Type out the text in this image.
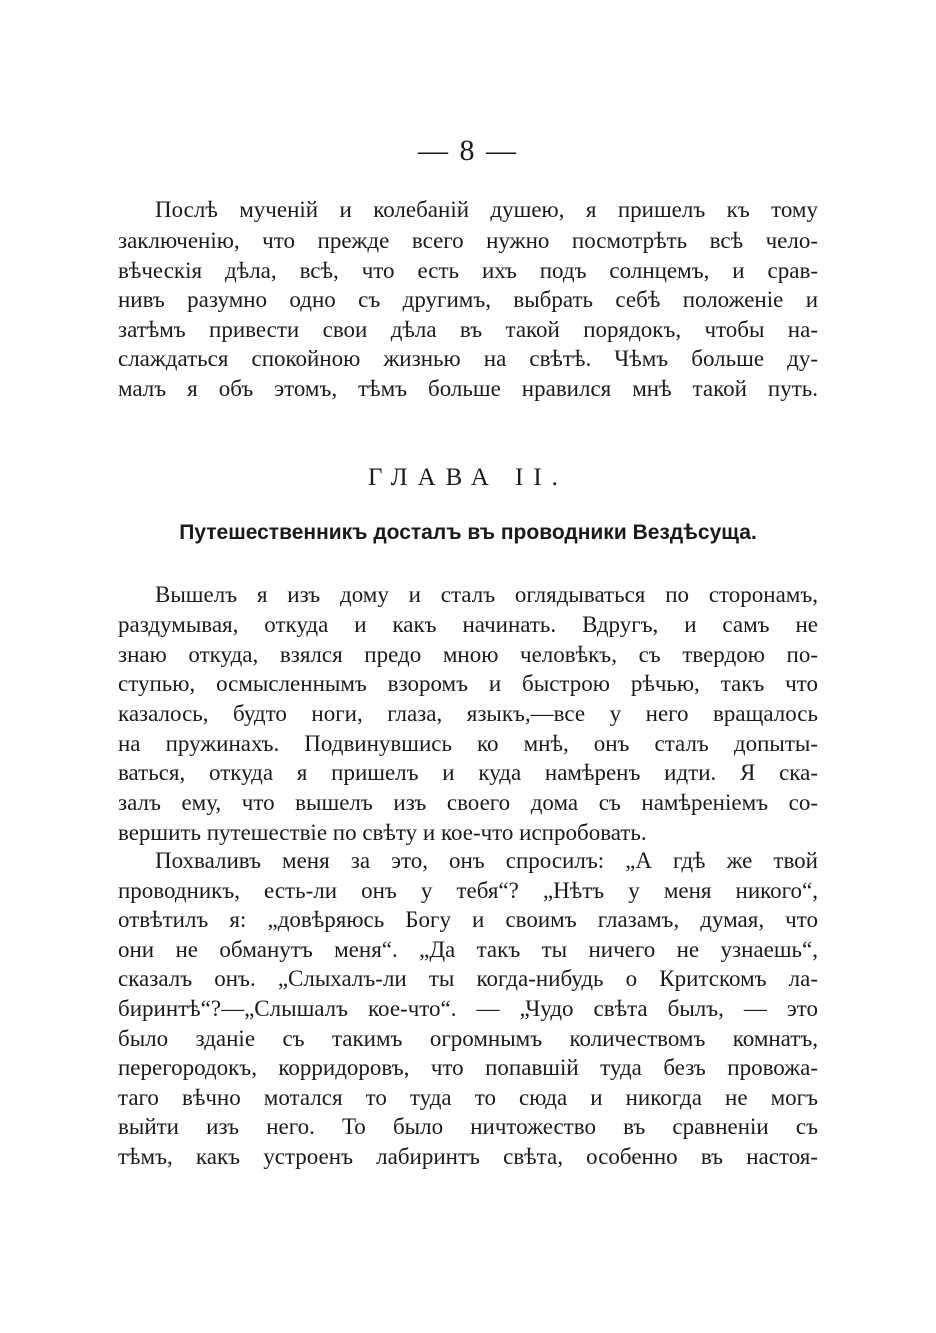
— 8 —
Послѣ мученій и колебаній душею, я пришелъ къ тому
заключенію, что прежде всего нужно посмотрѣть всѣ чело-
вѣческія дѣла, всѣ, что есть ихъ подъ солнцемъ, и срав-
нивъ разумно одно съ другимъ, выбрать себѣ положеніе и
затѣмъ привести свои дѣла въ такой порядокъ, чтобы на-
слаждаться спокойною жизнью на свѣтѣ. Чѣмъ больше ду-
малъ я объ этомъ, тѣмъ больше нравился мнѣ такой путь.
ГЛАВА II.
Путешественникъ досталъ въ проводники Вездѣсуща.
Вышелъ я изъ дому и сталъ оглядываться по сторонамъ,
раздумывая, откуда и какъ начинать. Вдругъ, и самъ не
знаю откуда, взялся предо мною человѣкъ, съ твердою по-
ступью, осмысленнымъ взоромъ и быстрою рѣчью, такъ что
казалось, будто ноги, глаза, языкъ,—все у него вращалось
на пружинахъ. Подвинувшись ко мнѣ, онъ сталъ допыты-
ваться, откуда я пришелъ и куда намѣренъ идти. Я ска-
залъ ему, что вышелъ изъ своего дома съ намѣреніемъ со-
вершить путешествіе по свѣту и кое-что испробовать.
Похваливъ меня за это, онъ спросилъ: „А гдѣ же твой
проводникъ, есть-ли онъ у тебя“? „Нѣтъ у меня никого“,
отвѣтилъ я: „довѣряюсь Богу и своимъ глазамъ, думая, что
они не обманутъ меня“. „Да такъ ты ничего не узнаешь“,
сказалъ онъ. „Слыхалъ-ли ты когда-нибудь о Критскомъ ла-
биринтѣ“?—„Слышалъ кое-что“. — „Чудо свѣта былъ, — это
было зданіе съ такимъ огромнымъ количествомъ комнатъ,
перегородокъ, корридоровъ, что попавшій туда безъ провожа-
таго вѣчно мотался то туда то сюда и никогда не могъ
выйти изъ него. То было ничтожество въ сравненіи съ
тѣмъ, какъ устроенъ лабиринтъ свѣта, особенно въ настоя-
